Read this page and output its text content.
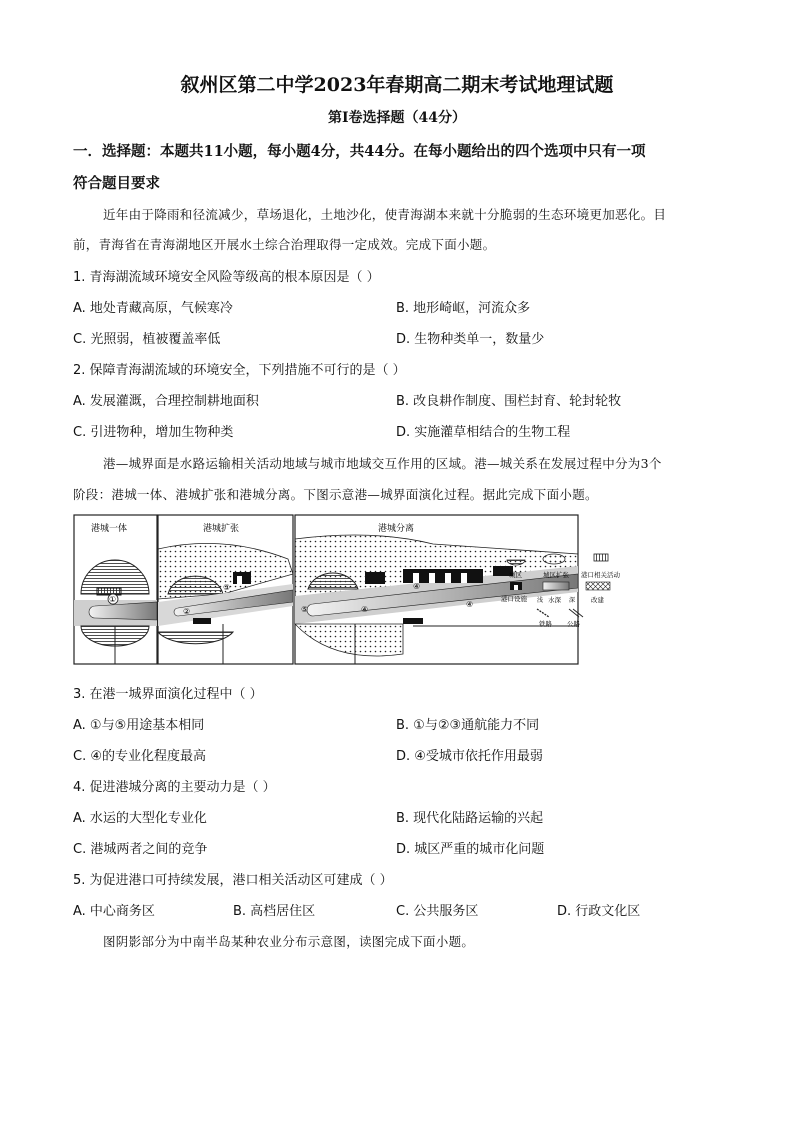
叙州区第二中学2023年春期高二期末考试地理试题
第Ⅰ卷选择题（44分）
一．选择题：本题共11小题，每小题4分，共44分。在每小题给出的四个选项中只有一项
符合题目要求
近年由于降雨和径流减少，草场退化，土地沙化，使青海湖本来就十分脆弱的生态环境更加恶化。目
前，青海省在青海湖地区开展水土综合治理取得一定成效。完成下面小题。
1. 青海湖流域环境安全风险等级高的根本原因是（ ）
A. 地处青藏高原，气候寒冷	B. 地形崎岖，河流众多
C. 光照弱，植被覆盖率低	D. 生物种类单一，数量少
2. 保障青海湖流域的环境安全，下列措施不可行的是（ ）
A. 发展灌溉，合理控制耕地面积	B. 改良耕作制度、围栏封育、轮封轮牧
C. 引进物种，增加生物种类	D. 实施灌草相结合的生物工程
港—城界面是水路运输相关活动地域与城市地域交互作用的区域。港—城关系在发展过程中分为3个
阶段：港城一体、港城扩张和港城分离。下图示意港—城界面演化过程。据此完成下面小题。
港城一体
①
港城扩张
②
③
港城分离
⑤
④
④
④
城区	城区扩张 港口相关活动
港口设施 浅 水深 深 改建
铁路 公路
3. 在港一城界面演化过程中（ ）
A. ①与⑤用途基本相同	B. ①与②③通航能力不同
C. ④的专业化程度最高	D. ④受城市依托作用最弱
4. 促进港城分离的主要动力是（ ）
A. 水运的大型化专业化	B. 现代化陆路运输的兴起
C. 港城两者之间的竞争	D. 城区严重的城市化问题
5. 为促进港口可持续发展，港口相关活动区可建成（ ）
A. 中心商务区	B. 高档居住区	C. 公共服务区	D. 行政文化区
图阴影部分为中南半岛某种农业分布示意图，读图完成下面小题。
